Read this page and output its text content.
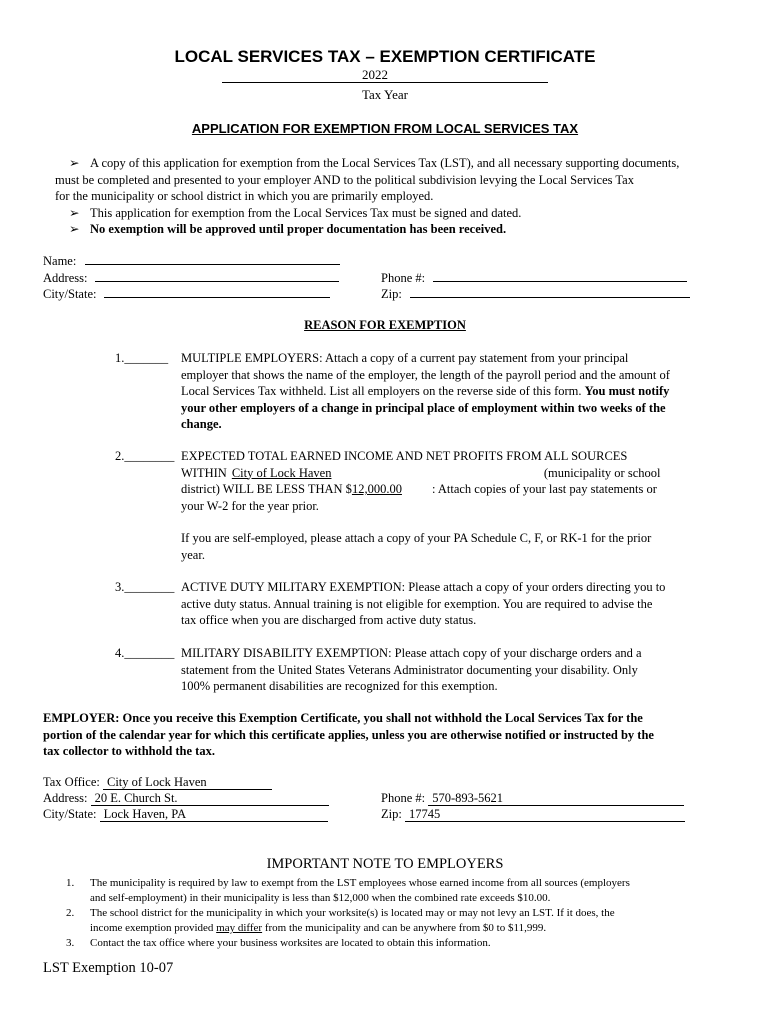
LOCAL SERVICES TAX – EXEMPTION CERTIFICATE
2022
Tax Year
APPLICATION FOR EXEMPTION FROM LOCAL SERVICES TAX
➢ A copy of this application for exemption from the Local Services Tax (LST), and all necessary supporting documents,
must be completed and presented to your employer AND to the political subdivision levying the Local Services Tax
for the municipality or school district in which you are primarily employed.
➢ This application for exemption from the Local Services Tax must be signed and dated.
➢ No exemption will be approved until proper documentation has been received.
Name:
Address:
City/State:
Phone #:
Zip:
REASON FOR EXEMPTION
1._______	MULTIPLE EMPLOYERS: Attach a copy of a current pay statement from your principal
employer that shows the name of the employer, the length of the payroll period and the amount of
Local Services Tax withheld. List all employers on the reverse side of this form. You must notify
your other employers of a change in principal place of employment within two weeks of the
change.
2.________ EXPECTED TOTAL EARNED INCOME AND NET PROFITS FROM ALL SOURCES
WITHIN City of Lock Haven	(municipality or school
district) WILL BE LESS THAN $12,000.00 : Attach copies of your last pay statements or
your W-2 for the year prior.
If you are self-employed, please attach a copy of your PA Schedule C, F, or RK-1 for the prior
year.
3.________ ACTIVE DUTY MILITARY EXEMPTION: Please attach a copy of your orders directing you to
active duty status. Annual training is not eligible for exemption. You are required to advise the
tax office when you are discharged from active duty status.
4.________ MILITARY DISABILITY EXEMPTION: Please attach copy of your discharge orders and a
statement from the United States Veterans Administrator documenting your disability. Only
100% permanent disabilities are recognized for this exemption.
EMPLOYER: Once you receive this Exemption Certificate, you shall not withhold the Local Services Tax for the
portion of the calendar year for which this certificate applies, unless you are otherwise notified or instructed by the
tax collector to withhold the tax.
Tax Office: City of Lock Haven
Address: 20 E. Church St.
City/State: Lock Haven, PA
Phone #: 570-893-5621
Zip: 17745
IMPORTANT NOTE TO EMPLOYERS
1. The municipality is required by law to exempt from the LST employees whose earned income from all sources (employers
and self-employment) in their municipality is less than $12,000 when the combined rate exceeds $10.00.
2. The school district for the municipality in which your worksite(s) is located may or may not levy an LST. If it does, the
income exemption provided may differ from the municipality and can be anywhere from $0 to $11,999.
3. Contact the tax office where your business worksites are located to obtain this information.
LST Exemption 10-07
